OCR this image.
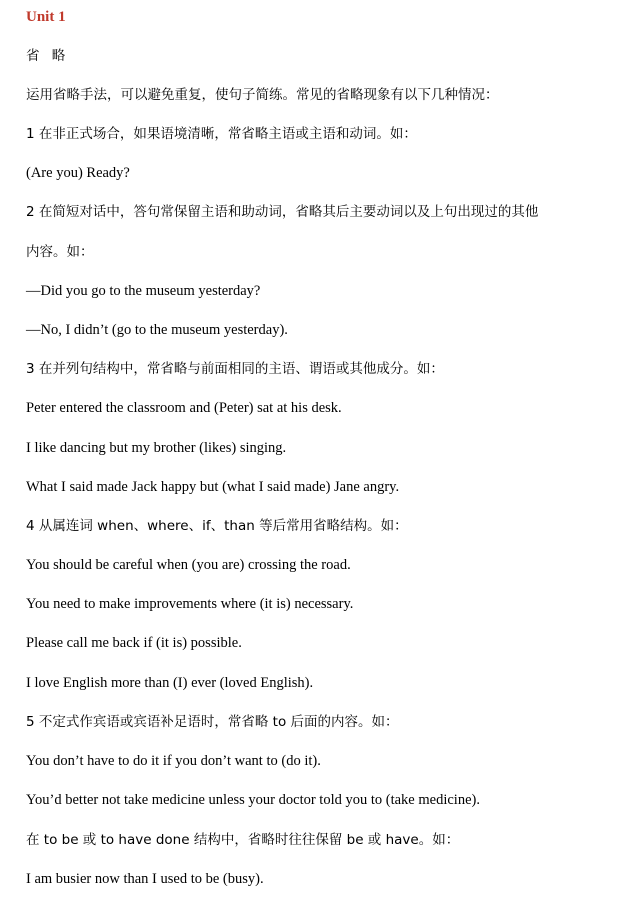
Unit 1
省 略
运用省略手法，可以避免重复，使句子简练。常见的省略现象有以下几种情况：
1 在非正式场合，如果语境清晰，常省略主语或主语和动词。如：
(Are you) Ready?
2 在简短对话中，答句常保留主语和助动词，省略其后主要动词以及上句出现过的其他
内容。如：
—Did you go to the museum yesterday?
—No, I didn’t (go to the museum yesterday).
3 在并列句结构中，常省略与前面相同的主语、谓语或其他成分。如：
Peter entered the classroom and (Peter) sat at his desk.
I like dancing but my brother (likes) singing.
What I said made Jack happy but (what I said made) Jane angry.
4 从属连词 when、where、if、than 等后常用省略结构。如：
You should be careful when (you are) crossing the road.
You need to make improvements where (it is) necessary.
Please call me back if (it is) possible.
I love English more than (I) ever (loved English).
5 不定式作宾语或宾语补足语时，常省略 to 后面的内容。如：
You don’t have to do it if you don’t want to (do it).
You’d better not take medicine unless your doctor told you to (take medicine).
在 to be 或 to have done 结构中，省略时往往保留 be 或 have。如：
I am busier now than I used to be (busy).
